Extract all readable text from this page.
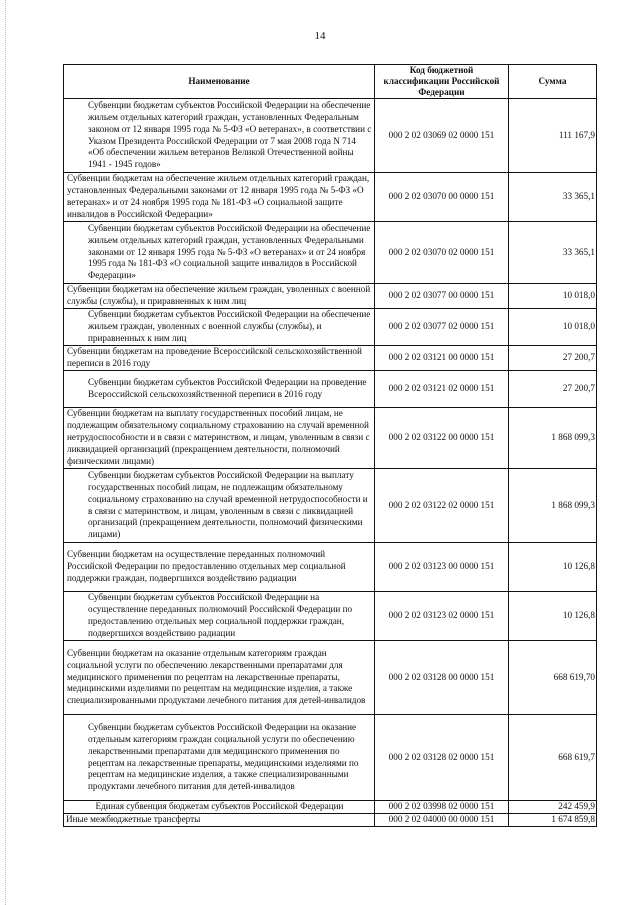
14
Наименование	Код бюджетной классификации Российской Федерации	Сумма
Субвенции бюджетам субъектов Российской Федерации на обеспечение жильем отдельных категорий граждан, установленных Федеральным законом от 12 января 1995 года № 5-ФЗ «О ветеранах», в соответствии с Указом Президента Российской Федерации от 7 мая 2008 года N 714 «Об обеспечении жильем ветеранов Великой Отечественной войны 1941 - 1945 годов»	000 2 02 03069 02 0000 151	111 167,9
Субвенции бюджетам на обеспечение жильем отдельных категорий граждан, установленных Федеральными законами от 12 января 1995 года № 5-ФЗ «О ветеранах» и от 24 ноября 1995 года № 181-ФЗ «О социальной защите инвалидов в Российской Федерации»	000 2 02 03070 00 0000 151	33 365,1
Субвенции бюджетам субъектов Российской Федерации на обеспечение жильем отдельных категорий граждан, установленных Федеральными законами от 12 января 1995 года № 5-ФЗ «О ветеранах» и от 24 ноября 1995 года № 181-ФЗ «О социальной защите инвалидов в Российской Федерации»	000 2 02 03070 02 0000 151	33 365,1
Субвенции бюджетам на обеспечение жильем граждан, уволенных с военной службы (службы), и приравненных к ним лиц	000 2 02 03077 00 0000 151	10 018,0
Субвенции бюджетам субъектов Российской Федерации на обеспечение жильем граждан, уволенных с военной службы (службы), и приравненных к ним лиц	000 2 02 03077 02 0000 151	10 018,0
Субвенции бюджетам на проведение Всероссийской сельскохозяйственной переписи в 2016 году	000 2 02 03121 00 0000 151	27 200,7
Субвенции бюджетам субъектов Российской Федерации на проведение Всероссийской сельскохозяйственной переписи в 2016 году	000 2 02 03121 02 0000 151	27 200,7
Субвенции бюджетам на выплату государственных пособий лицам, не подлежащим обязательному социальному страхованию на случай временной нетрудоспособности и в связи с материнством, и лицам, уволенным в связи с ликвидацией организаций (прекращением деятельности, полномочий физическими лицами)	000 2 02 03122 00 0000 151	1 868 099,3
Субвенции бюджетам субъектов Российской Федерации на выплату государственных пособий лицам, не подлежащим обязательному социальному страхованию на случай временной нетрудоспособности и в связи с материнством, и лицам, уволенным в связи с ликвидацией организаций (прекращением деятельности, полномочий физическими лицами)	000 2 02 03122 02 0000 151	1 868 099,3
Субвенции бюджетам на осуществление переданных полномочий Российской Федерации по предоставлению отдельных мер социальной поддержки граждан, подвергшихся воздействию радиации	000 2 02 03123 00 0000 151	10 126,8
Субвенции бюджетам субъектов Российской Федерации на осуществление переданных полномочий Российской Федерации по предоставлению отдельных мер социальной поддержки граждан, подвергшихся воздействию радиации	000 2 02 03123 02 0000 151	10 126,8
Субвенции бюджетам на оказание отдельным категориям граждан социальной услуги по обеспечению лекарственными препаратами для медицинского применения по рецептам на лекарственные препараты, медицинскими изделиями по рецептам на медицинские изделия, а также специализированными продуктами лечебного питания для детей-инвалидов	000 2 02 03128 00 0000 151	668 619,70
Субвенции бюджетам субъектов Российской Федерации на оказание отдельным категориям граждан социальной услуги по обеспечению лекарственными препаратами для медицинского применения по рецептам на лекарственные препараты, медицинскими изделиями по рецептам на медицинские изделия, а также специализированными продуктами лечебного питания для детей-инвалидов	000 2 02 03128 02 0000 151	668 619,7
Единая субвенция бюджетам субъектов Российской Федерации	000 2 02 03998 02 0000 151	242 459,9
Иные межбюджетные трансферты	000 2 02 04000 00 0000 151	1 674 859,8
